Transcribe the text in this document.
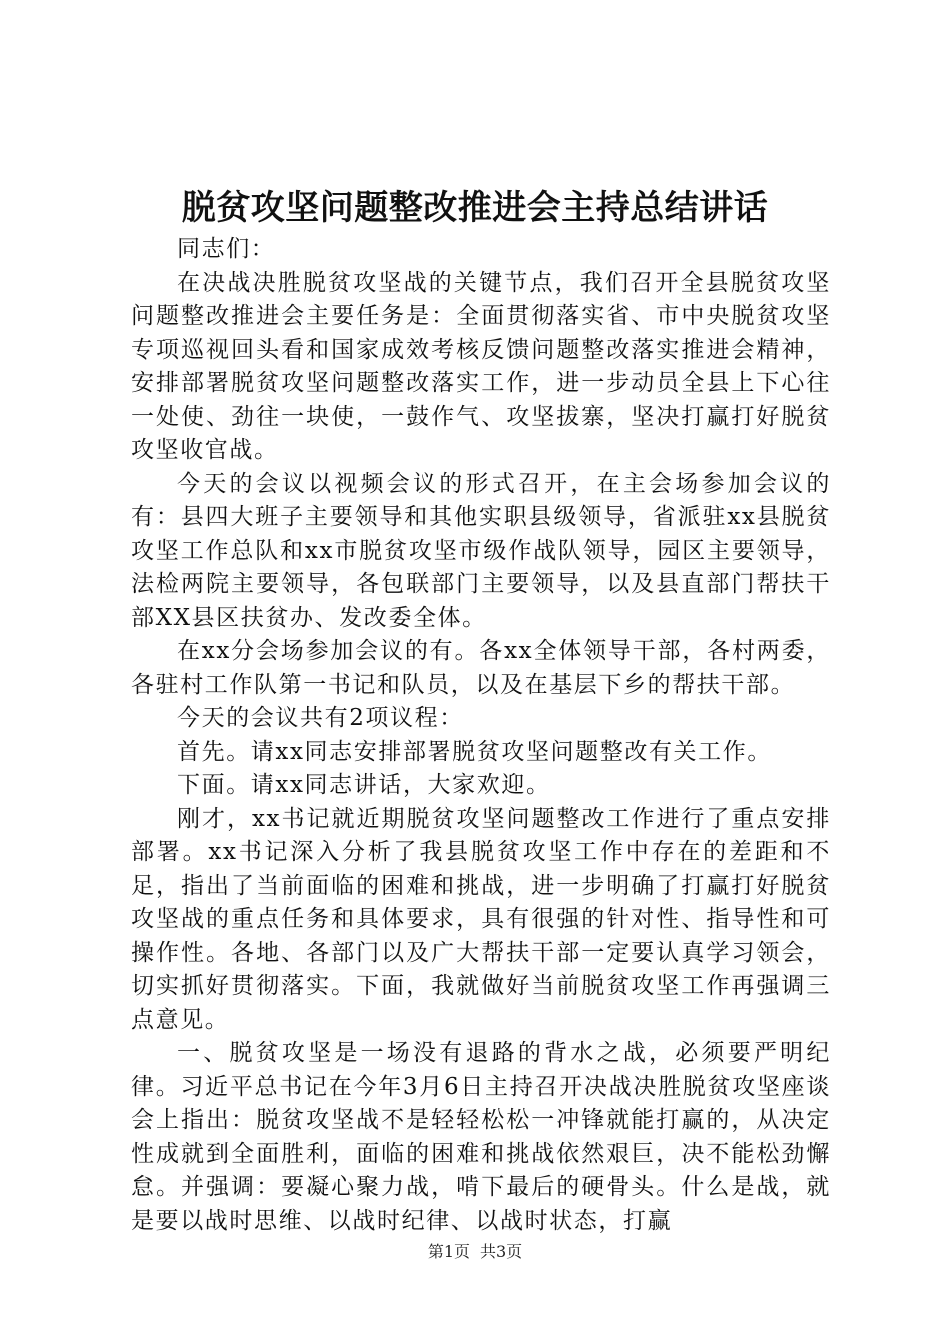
脱贫攻坚问题整改推进会主持总结讲话

同志们：

在决战决胜脱贫攻坚战的关键节点，我们召开全县脱贫攻坚问题整改推进会主要任务是：全面贯彻落实省、市中央脱贫攻坚专项巡视回头看和国家成效考核反馈问题整改落实推进会精神，安排部署脱贫攻坚问题整改落实工作，进一步动员全县上下心往一处使、劲往一块使，一鼓作气、攻坚拔寨，坚决打赢打好脱贫攻坚收官战。

今天的会议以视频会议的形式召开，在主会场参加会议的有：县四大班子主要领导和其他实职县级领导，省派驻xx县脱贫攻坚工作总队和xx市脱贫攻坚市级作战队领导，园区主要领导，法检两院主要领导，各包联部门主要领导，以及县直部门帮扶干部XX县区扶贫办、发改委全体。

在xx分会场参加会议的有。各xx全体领导干部，各村两委，各驻村工作队第一书记和队员，以及在基层下乡的帮扶干部。

今天的会议共有2项议程：

首先。请xx同志安排部署脱贫攻坚问题整改有关工作。

下面。请xx同志讲话，大家欢迎。

刚才，xx书记就近期脱贫攻坚问题整改工作进行了重点安排部署。xx书记深入分析了我县脱贫攻坚工作中存在的差距和不足，指出了当前面临的困难和挑战，进一步明确了打赢打好脱贫攻坚战的重点任务和具体要求，具有很强的针对性、指导性和可操作性。各地、各部门以及广大帮扶干部一定要认真学习领会，切实抓好贯彻落实。下面，我就做好当前脱贫攻坚工作再强调三点意见。

一、脱贫攻坚是一场没有退路的背水之战，必须要严明纪律。习近平总书记在今年3月6日主持召开决战决胜脱贫攻坚座谈会上指出：脱贫攻坚战不是轻轻松松一冲锋就能打赢的，从决定性成就到全面胜利，面临的困难和挑战依然艰巨，决不能松劲懈怠。并强调：要凝心聚力战，啃下最后的硬骨头。什么是战，就是要以战时思维、以战时纪律、以战时状态，打赢

第1页 共3页
